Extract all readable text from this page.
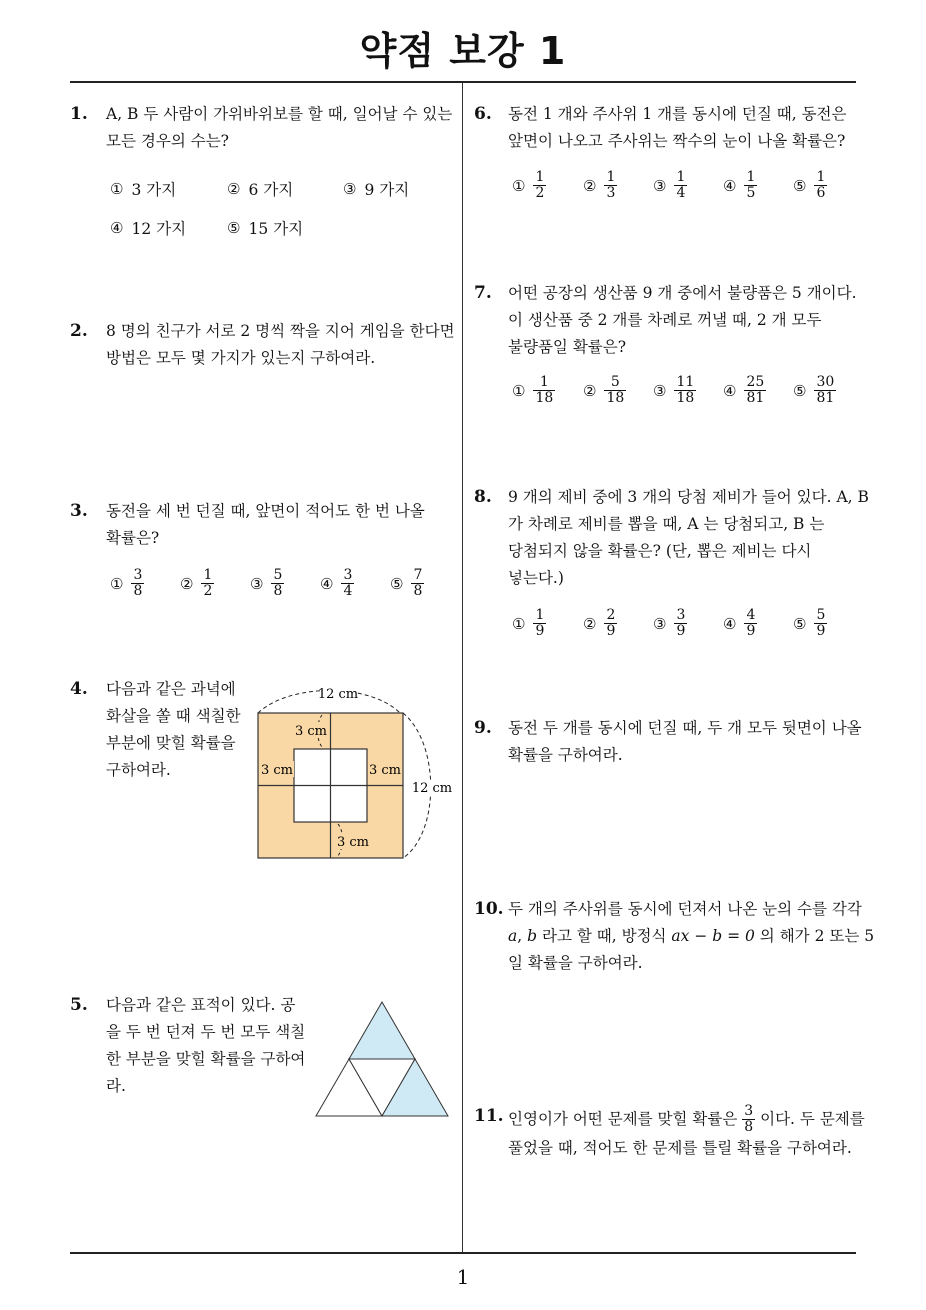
약점 보강 1
1
1. A, B 두 사람이 가위바위보를 할 때, 일어날 수 있는

모든 경우의 수는?

① 3 가지	② 6 가지	③ 9 가지
④ 12 가지	⑤ 15 가지
2. 8 명의 친구가 서로 2 명씩 짝을 지어 게임을 한다면

방법은 모두 몇 가지가 있는지 구하여라.

3. 동전을 세 번 던질 때, 앞면이 적어도 한 번 나올

확률은?

① $\frac{3}{8}$ ② $\frac{1}{2}$ ③ $\frac{5}{8}$ ④ $\frac{3}{4}$ ⑤ $\frac{7}{8}$
4. 다음과 같은 과녁에

화살을 쏠 때 색칠한

부분에 맞힐 확률을

구하여라.

12 cm
12 cm
3 cm
3 cm	3 cm
3 cm
5. 다음과 같은 표적이 있다. 공

을 두 번 던져 두 번 모두 색칠

한 부분을 맞힐 확률을 구하여

라.

6. 동전 1 개와 주사위 1 개를 동시에 던질 때, 동전은

앞면이 나오고 주사위는 짝수의 눈이 나올 확률은?

① $\frac{1}{2}$ ② $\frac{1}{3}$ ③ $\frac{1}{4}$ ④ $\frac{1}{5}$ ⑤ $\frac{1}{6}$
7. 어떤 공장의 생산품 9 개 중에서 불량품은 5 개이다.

이 생산품 중 2 개를 차례로 꺼낼 때, 2 개 모두

불량품일 확률은?

① $\frac{1}{18}$ ② $\frac{5}{18}$ ③ $\frac{11}{18}$ ④ $\frac{25}{81}$ ⑤ $\frac{30}{81}$
8. 9 개의 제비 중에 3 개의 당첨 제비가 들어 있다. A, B

가 차례로 제비를 뽑을 때, A 는 당첨되고, B 는

당첨되지 않을 확률은? (단, 뽑은 제비는 다시

넣는다.)

① $\frac{1}{9}$ ② $\frac{2}{9}$ ③ $\frac{3}{9}$ ④ $\frac{4}{9}$ ⑤ $\frac{5}{9}$
9. 동전 두 개를 동시에 던질 때, 두 개 모두 뒷면이 나올

확률을 구하여라.

10. 두 개의 주사위를 동시에 던져서 나온 눈의 수를 각각

a, b 라고 할 때, 방정식 ax − b = 0 의 해가 2 또는 5

일 확률을 구하여라.

11. 인영이가 어떤 문제를 맞힐 확률은 $\frac{3}{8}$ 이다. 두 문제를

풀었을 때, 적어도 한 문제를 틀릴 확률을 구하여라.
